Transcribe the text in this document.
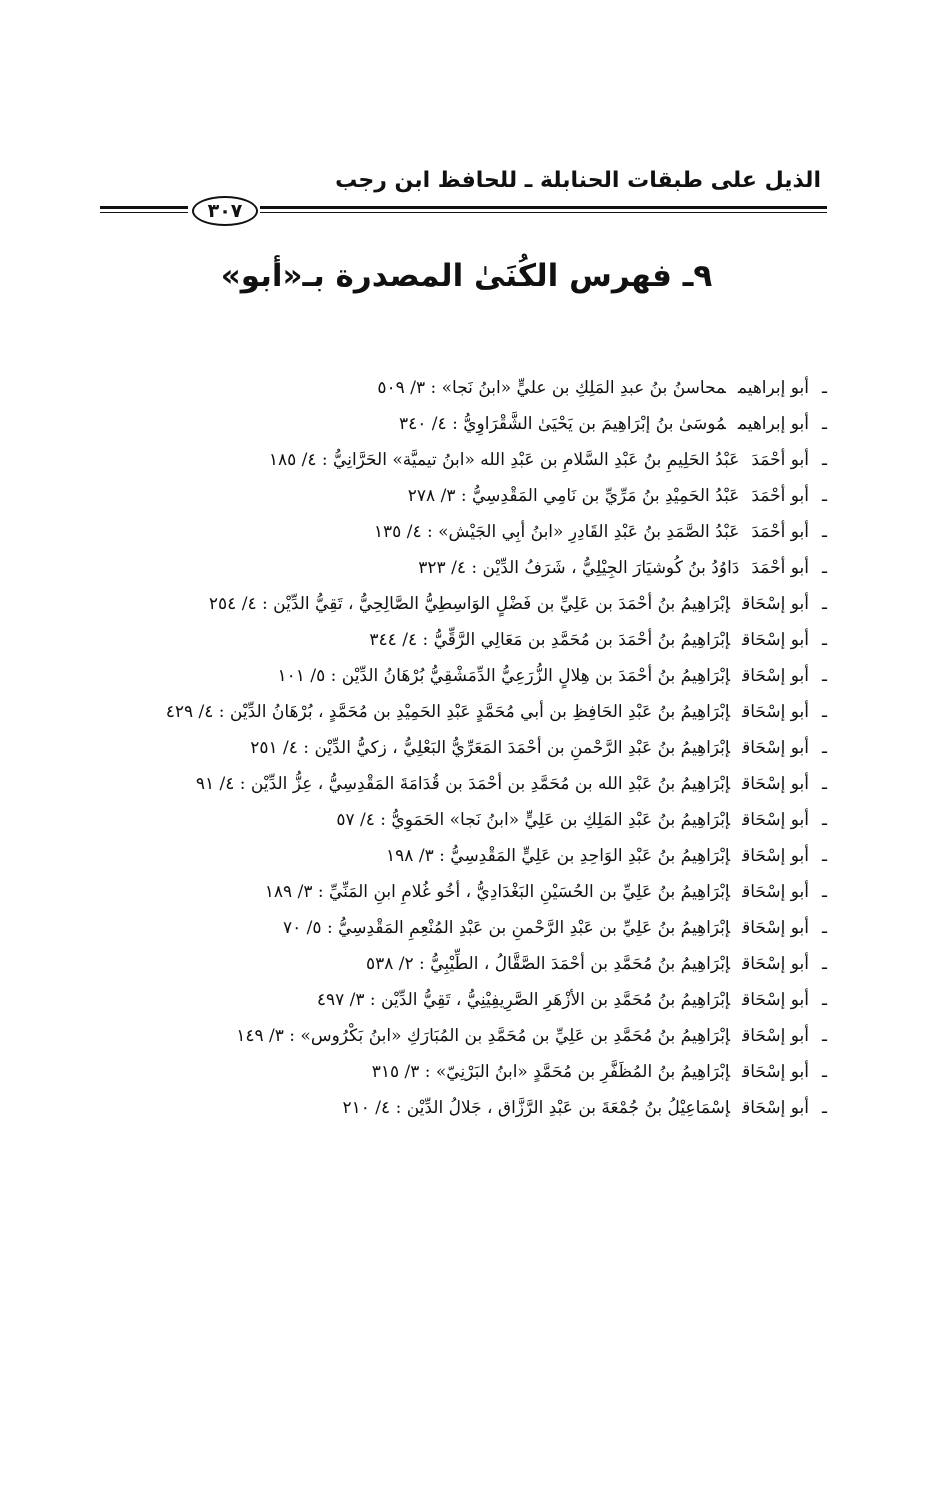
الذيل على طبقات الحنابلة ـ للحافظ ابن رجب
٣٠٧
٩ـ فهرس الكُنَىٰ المصدرة بـ«أبو»
ـأبو إبراهيممحاسنُ بنُ عبدِ المَلِكِ بن عليٍّ «ابنُ نَجا» : ٣/ ٥٠٩
ـأبو إبراهيممُوسَىٰ بنُ إبْرَاهِيمَ بن يَحْيَىٰ الشَّقْرَاوِيُّ : ٤/ ٣٤٠
ـأبو أحْمَدَعَبْدُ الحَلِيمِ بنُ عَبْدِ السَّلامِ بن عَبْدِ الله «ابنُ تيميَّة» الحَرَّانِيُّ : ٤/ ١٨٥
ـأبو أحْمَدَعَبْدُ الحَمِيْدِ بنُ مَرِّيِّ بن نَامِي المَقْدِسِيُّ : ٣/ ٢٧٨
ـأبو أحْمَدَعَبْدُ الصَّمَدِ بنُ عَبْدِ القَادِرِ «ابنُ أبِي الجَيْش» : ٤/ ١٣٥
ـأبو أحْمَدَدَاوُدُ بنُ كُوشيَارَ الجِيْلِيُّ ، شَرَفُ الدِّيْن : ٤/ ٣٢٣
ـأبو إسْحَاقإبْرَاهِيمُ بنُ أحْمَدَ بن عَلِيِّ بن فَضْلٍ الوَاسِطِيُّ الصَّالِحِيُّ ، تَقِيُّ الدِّيْن : ٤/ ٢٥٤
ـأبو إسْحَاقإبْرَاهِيمُ بنُ أحْمَدَ بن مُحَمَّدِ بن مَعَالِي الرَّقِّيُّ : ٤/ ٣٤٤
ـأبو إسْحَاقإبْرَاهِيمُ بنُ أحْمَدَ بن هِلالٍ الزُّرَعِيُّ الدِّمَشْقِيُّ بُرْهَانُ الدِّيْن : ٥/ ١٠١
ـأبو إسْحَاقإبْرَاهِيمُ بنُ عَبْدِ الحَافِظِ بن أبي مُحَمَّدٍ عَبْدِ الحَمِيْدِ بن مُحَمَّدٍ ، بُرْهَانُ الدِّيْن : ٤/ ٤٢٩
ـأبو إسْحَاقإبْرَاهِيمُ بنُ عَبْدِ الرَّحْمنِ بن أحْمَدَ المَعَرِّيُّ البَعْلِيُّ ، زكيُّ الدِّيْن : ٤/ ٢٥١
ـأبو إسْحَاقإبْرَاهِيمُ بنُ عَبْدِ الله بن مُحَمَّدِ بن أحْمَدَ بن قُدَامَةَ المَقْدِسِيُّ ، عِزُّ الدِّيْن : ٤/ ٩١
ـأبو إسْحَاقإبْرَاهِيمُ بنُ عَبْدِ المَلِكِ بن عَلِيٍّ «ابنُ نَجا» الحَمَوِيُّ : ٤/ ٥٧
ـأبو إسْحَاقإبْرَاهِيمُ بنُ عَبْدِ الوَاحِدِ بن عَلِيٍّ المَقْدِسِيُّ : ٣/ ١٩٨
ـأبو إسْحَاقإبْرَاهِيمُ بنُ عَلِيِّ بن الحُسَيْنِ البَغْدَادِيُّ ، أخُو غُلامِ ابنِ المَنِّيِّ : ٣/ ١٨٩
ـأبو إسْحَاقإبْرَاهِيمُ بنُ عَلِيِّ بن عَبْدِ الرَّحْمنِ بن عَبْدِ المُنْعِمِ المَقْدِسِيُّ : ٥/ ٧٠
ـأبو إسْحَاقإبْرَاهِيمُ بنُ مُحَمَّدِ بن أحْمَدَ الصَّقَّالُ ، الطِّيْبِيُّ : ٢/ ٥٣٨
ـأبو إسْحَاقإبْرَاهِيمُ بنُ مُحَمَّدِ بن الأزْهَرِ الصَّرِيفِيْنِيُّ ، تَقِيُّ الدِّيْن : ٣/ ٤٩٧
ـأبو إسْحَاقإبْرَاهِيمُ بنُ مُحَمَّدِ بن عَلِيِّ بن مُحَمَّدِ بن المُبَارَكِ «ابنُ بَكْرُوس» : ٣/ ١٤٩
ـأبو إسْحَاقإبْرَاهِيمُ بنُ المُظَفَّرِ بن مُحَمَّدٍ «ابنُ البَرْنِيّ» : ٣/ ٣١٥
ـأبو إسْحَاقإسْمَاعِيْلُ بنُ جُمْعَةَ بن عَبْدِ الرَّزَّاق ، جَلالُ الدِّيْن : ٤/ ٢١٠
